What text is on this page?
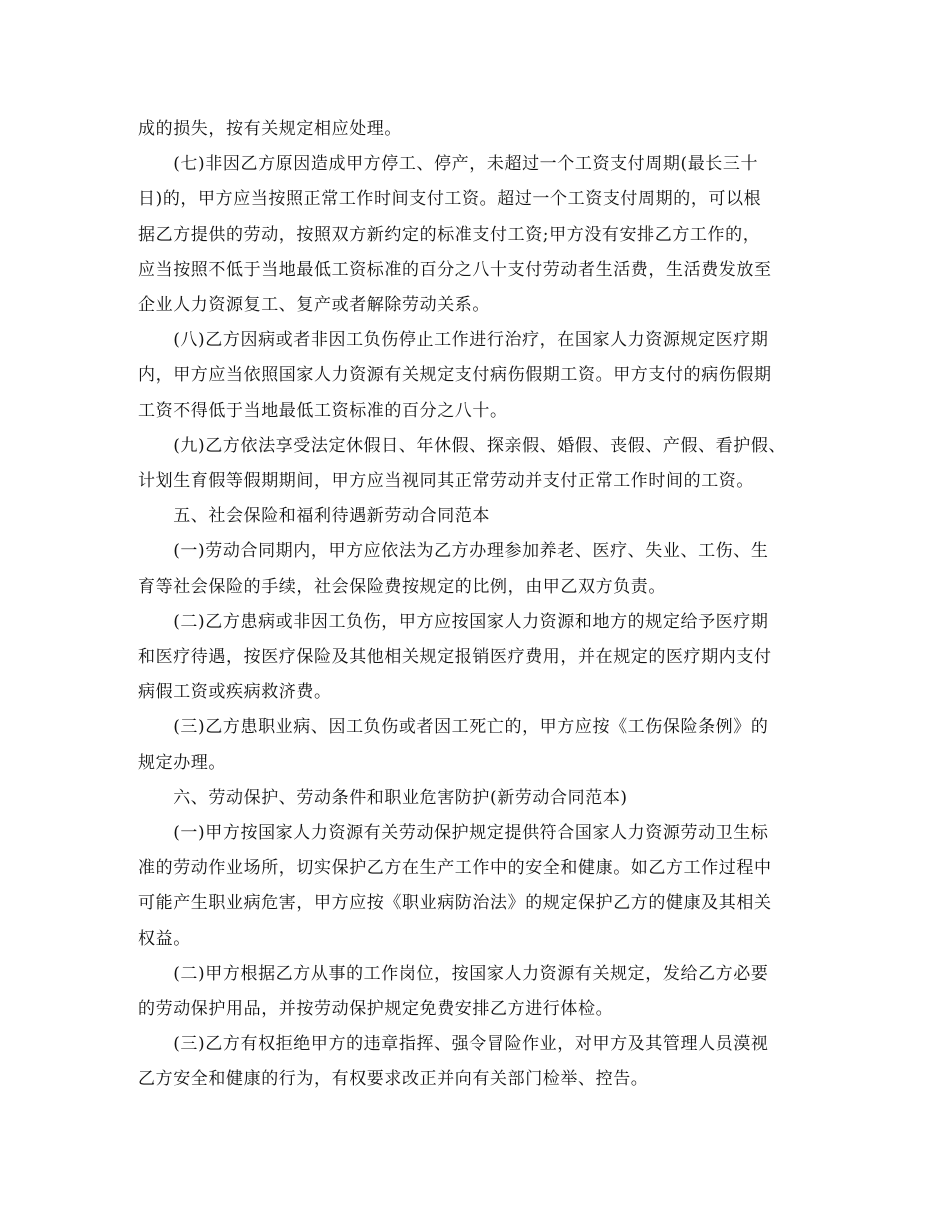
成的损失，按有关规定相应处理。

　　(七)非因乙方原因造成甲方停工、停产，未超过一个工资支付周期(最长三十

日)的，甲方应当按照正常工作时间支付工资。超过一个工资支付周期的，可以根

据乙方提供的劳动，按照双方新约定的标准支付工资;甲方没有安排乙方工作的，

应当按照不低于当地最低工资标准的百分之八十支付劳动者生活费，生活费发放至

企业人力资源复工、复产或者解除劳动关系。

　　(八)乙方因病或者非因工负伤停止工作进行治疗，在国家人力资源规定医疗期

内，甲方应当依照国家人力资源有关规定支付病伤假期工资。甲方支付的病伤假期

工资不得低于当地最低工资标准的百分之八十。

　　(九)乙方依法享受法定休假日、年休假、探亲假、婚假、丧假、产假、看护假、

计划生育假等假期期间，甲方应当视同其正常劳动并支付正常工作时间的工资。

　　五、社会保险和福利待遇新劳动合同范本

　　(一)劳动合同期内，甲方应依法为乙方办理参加养老、医疗、失业、工伤、生

育等社会保险的手续，社会保险费按规定的比例，由甲乙双方负责。

　　(二)乙方患病或非因工负伤，甲方应按国家人力资源和地方的规定给予医疗期

和医疗待遇，按医疗保险及其他相关规定报销医疗费用，并在规定的医疗期内支付

病假工资或疾病救济费。

　　(三)乙方患职业病、因工负伤或者因工死亡的，甲方应按《工伤保险条例》的

规定办理。

　　六、劳动保护、劳动条件和职业危害防护(新劳动合同范本)

　　(一)甲方按国家人力资源有关劳动保护规定提供符合国家人力资源劳动卫生标

准的劳动作业场所，切实保护乙方在生产工作中的安全和健康。如乙方工作过程中

可能产生职业病危害，甲方应按《职业病防治法》的规定保护乙方的健康及其相关

权益。

　　(二)甲方根据乙方从事的工作岗位，按国家人力资源有关规定，发给乙方必要

的劳动保护用品，并按劳动保护规定免费安排乙方进行体检。

　　(三)乙方有权拒绝甲方的违章指挥、强令冒险作业，对甲方及其管理人员漠视

乙方安全和健康的行为，有权要求改正并向有关部门检举、控告。
